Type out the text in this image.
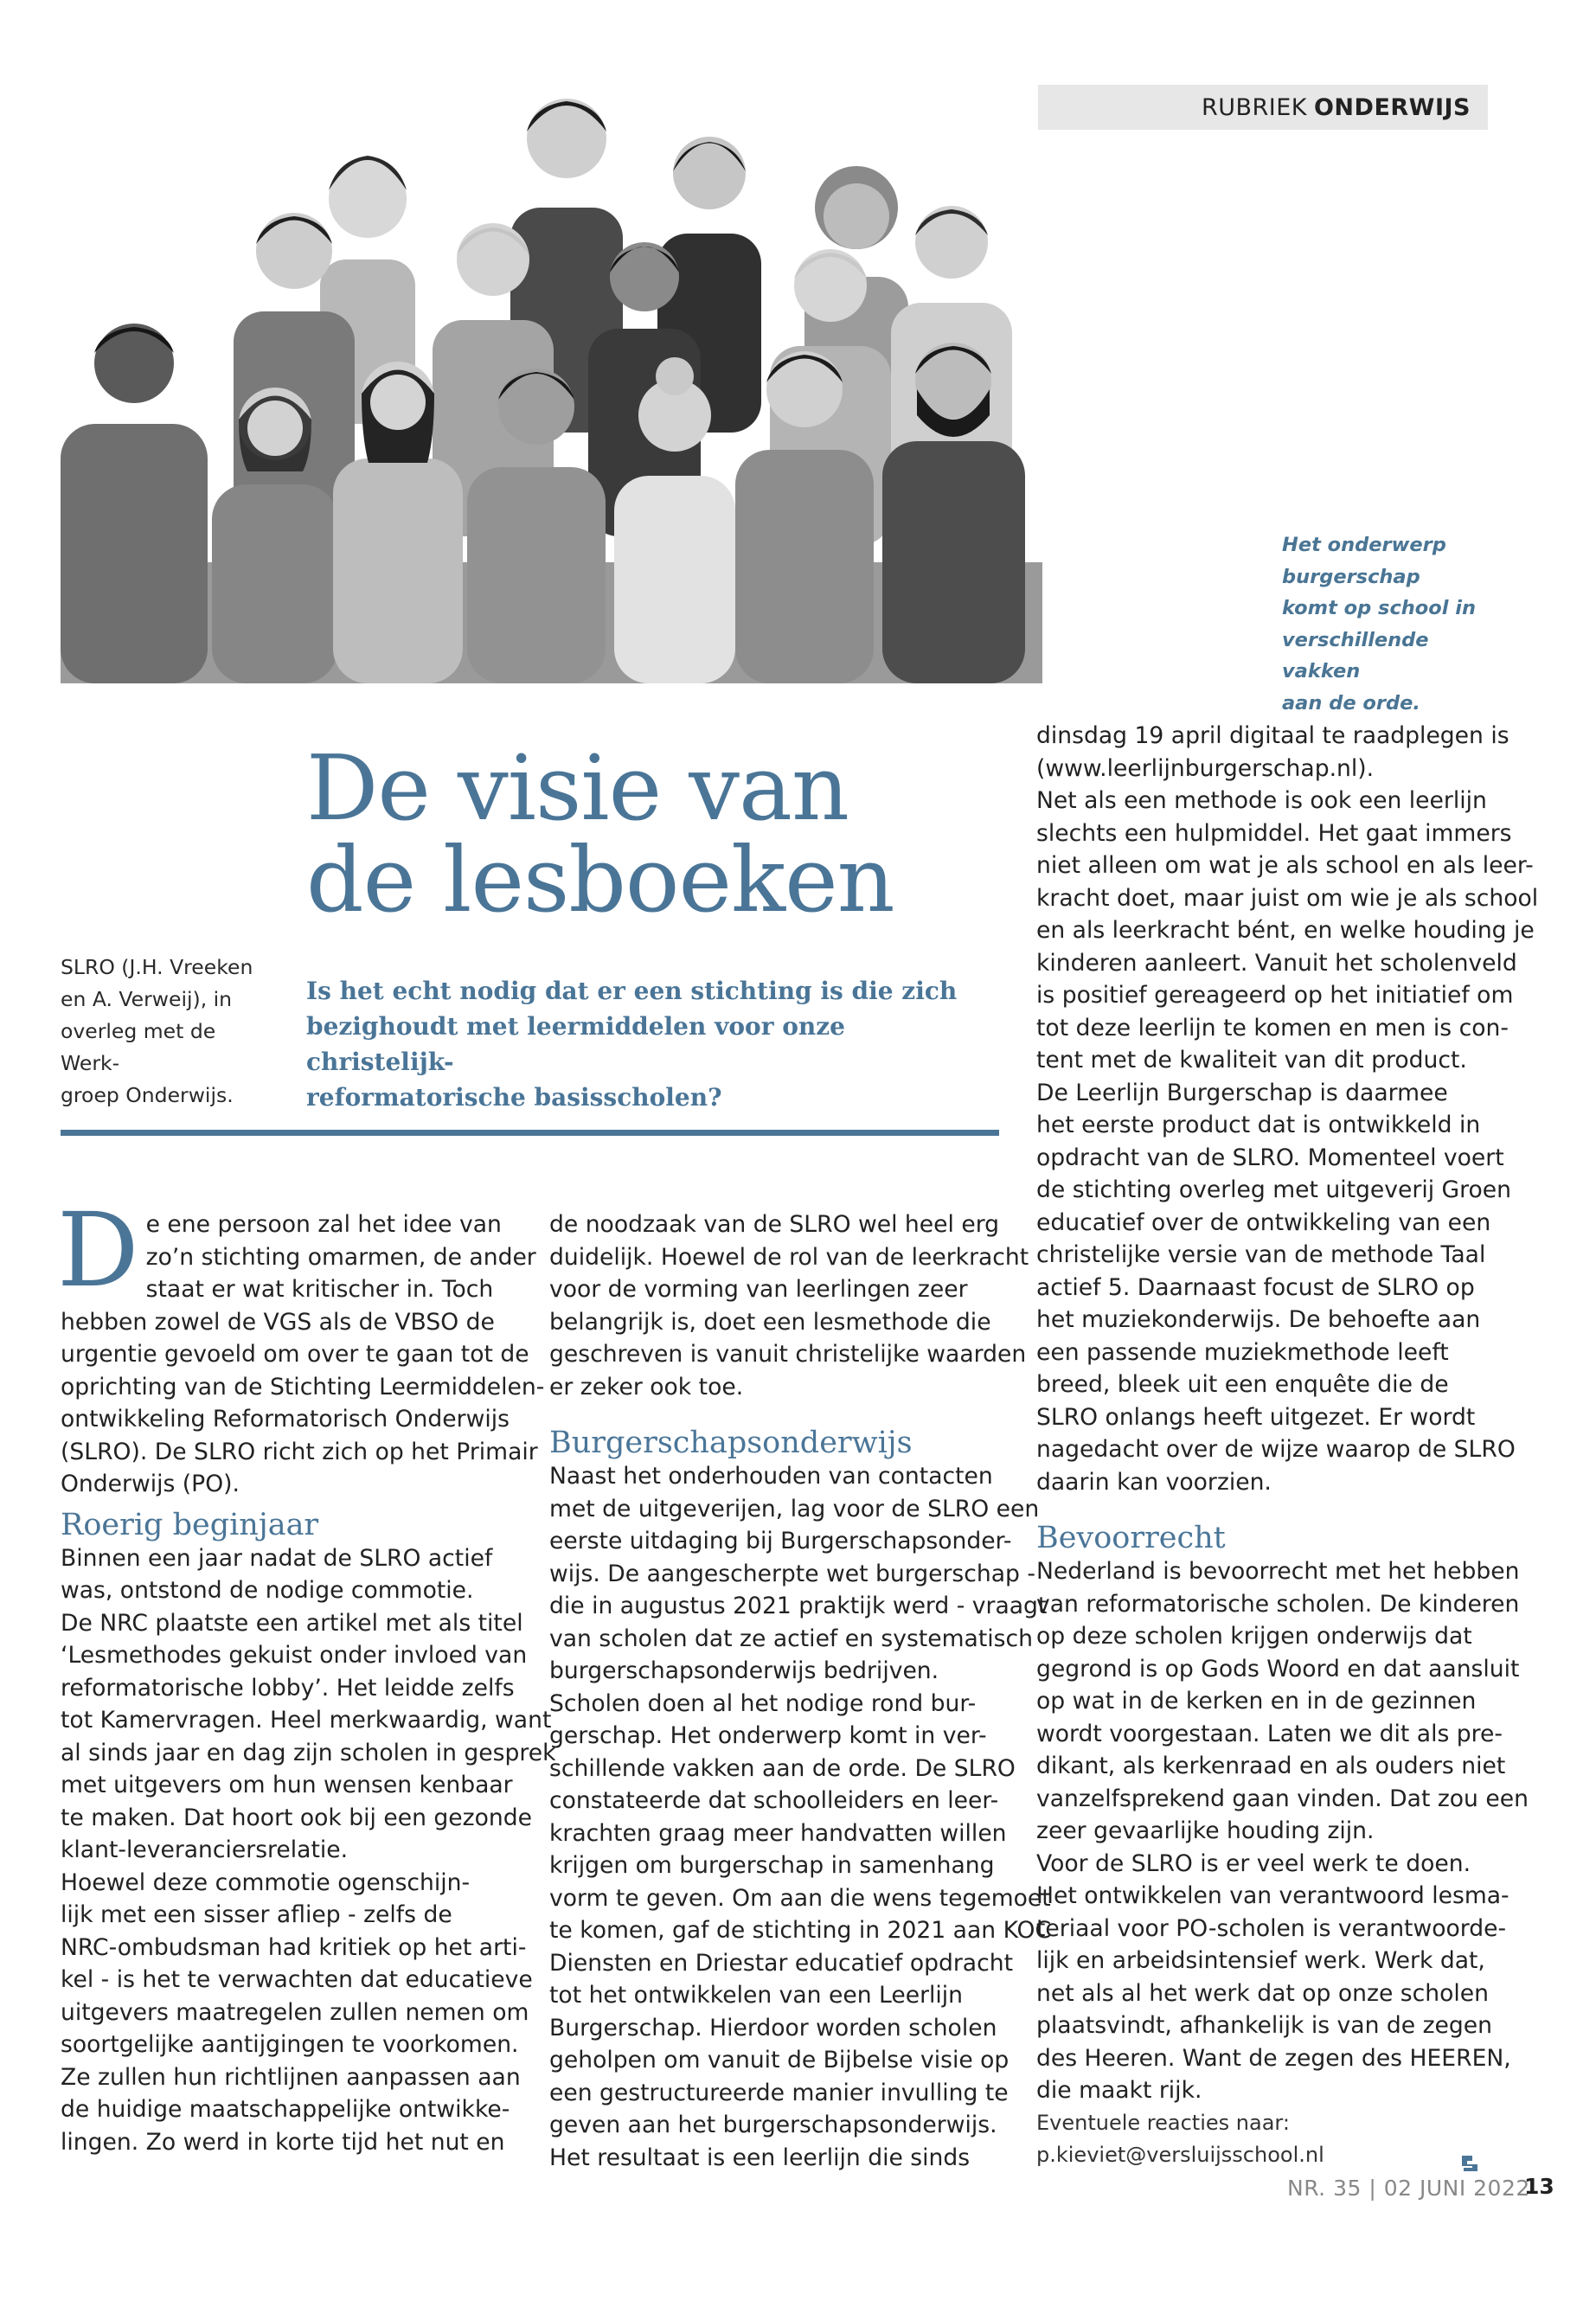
RUBRIEK ONDERWIJS
Het onderwerp
burgerschap
komt op school in
verschillende vakken
aan de orde.
De visie van
de lesboeken
SLRO (J.H. Vreeken
en A. Verweij), in
overleg met de Werk-
groep Onderwijs.
Is het echt nodig dat er een stichting is die zich
bezighoudt met leermiddelen voor onze christelijk-
reformatorische basisscholen?
D e ene persoon zal het idee van
zo’n stichting omarmen, de ander
staat er wat kritischer in. Toch
hebben zowel de VGS als de VBSO de
urgentie gevoeld om over te gaan tot de
oprichting van de Stichting Leermiddelen-
ontwikkeling Reformatorisch Onderwijs
(SLRO). De SLRO richt zich op het Primair
Onderwijs (PO).
Roerig beginjaar
Binnen een jaar nadat de SLRO actief
was, ontstond de nodige commotie.
De NRC plaatste een artikel met als titel
‘Lesmethodes gekuist onder invloed van
reformatorische lobby’. Het leidde zelfs
tot Kamervragen. Heel merkwaardig, want
al sinds jaar en dag zijn scholen in gesprek
met uitgevers om hun wensen kenbaar
te maken. Dat hoort ook bij een gezonde
klant-leveranciersrelatie.
Hoewel deze commotie ogenschijn-
lijk met een sisser afliep - zelfs de
NRC-ombudsman had kritiek op het arti-
kel - is het te verwachten dat educatieve
uitgevers maatregelen zullen nemen om
soortgelijke aantijgingen te voorkomen.
Ze zullen hun richtlijnen aanpassen aan
de huidige maatschappelijke ontwikke-
lingen. Zo werd in korte tijd het nut en
de noodzaak van de SLRO wel heel erg
duidelijk. Hoewel de rol van de leerkracht
voor de vorming van leerlingen zeer
belangrijk is, doet een lesmethode die
geschreven is vanuit christelijke waarden
er zeker ook toe.
Burgerschapsonderwijs
Naast het onderhouden van contacten
met de uitgeverijen, lag voor de SLRO een
eerste uitdaging bij Burgerschapsonder-
wijs. De aangescherpte wet burgerschap -
die in augustus 2021 praktijk werd - vraagt
van scholen dat ze actief en systematisch
burgerschapsonderwijs bedrijven.
Scholen doen al het nodige rond bur-
gerschap. Het onderwerp komt in ver-
schillende vakken aan de orde. De SLRO
constateerde dat schoolleiders en leer-
krachten graag meer handvatten willen
krijgen om burgerschap in samenhang
vorm te geven. Om aan die wens tegemoet
te komen, gaf de stichting in 2021 aan KOC
Diensten en Driestar educatief opdracht
tot het ontwikkelen van een Leerlijn
Burgerschap. Hierdoor worden scholen
geholpen om vanuit de Bijbelse visie op
een gestructureerde manier invulling te
geven aan het burgerschapsonderwijs.
Het resultaat is een leerlijn die sinds
dinsdag 19 april digitaal te raadplegen is
(www.leerlijnburgerschap.nl).
Net als een methode is ook een leerlijn
slechts een hulpmiddel. Het gaat immers
niet alleen om wat je als school en als leer-
kracht doet, maar juist om wie je als school
en als leerkracht bént, en welke houding je
kinderen aanleert. Vanuit het scholenveld
is positief gereageerd op het initiatief om
tot deze leerlijn te komen en men is con-
tent met de kwaliteit van dit product.
De Leerlijn Burgerschap is daarmee
het eerste product dat is ontwikkeld in
opdracht van de SLRO. Momenteel voert
de stichting overleg met uitgeverij Groen
educatief over de ontwikkeling van een
christelijke versie van de methode Taal
actief 5. Daarnaast focust de SLRO op
het muziekonderwijs. De behoefte aan
een passende muziekmethode leeft
breed, bleek uit een enquête die de
SLRO onlangs heeft uitgezet. Er wordt
nagedacht over de wijze waarop de SLRO
daarin kan voorzien.
Bevoorrecht
Nederland is bevoorrecht met het hebben
van reformatorische scholen. De kinderen
op deze scholen krijgen onderwijs dat
gegrond is op Gods Woord en dat aansluit
op wat in de kerken en in de gezinnen
wordt voorgestaan. Laten we dit als pre-
dikant, als kerkenraad en als ouders niet
vanzelfsprekend gaan vinden. Dat zou een
zeer gevaarlijke houding zijn.
Voor de SLRO is er veel werk te doen.
Het ontwikkelen van verantwoord lesma-
teriaal voor PO-scholen is verantwoorde-
lijk en arbeidsintensief werk. Werk dat,
net als al het werk dat op onze scholen
plaatsvindt, afhankelijk is van de zegen
des Heeren. Want de zegen des HEEREN,
die maakt rijk.
Eventuele reacties naar:
p.kieviet@versluijsschool.nl
NR. 35 | 02 JUNI 2022
13
